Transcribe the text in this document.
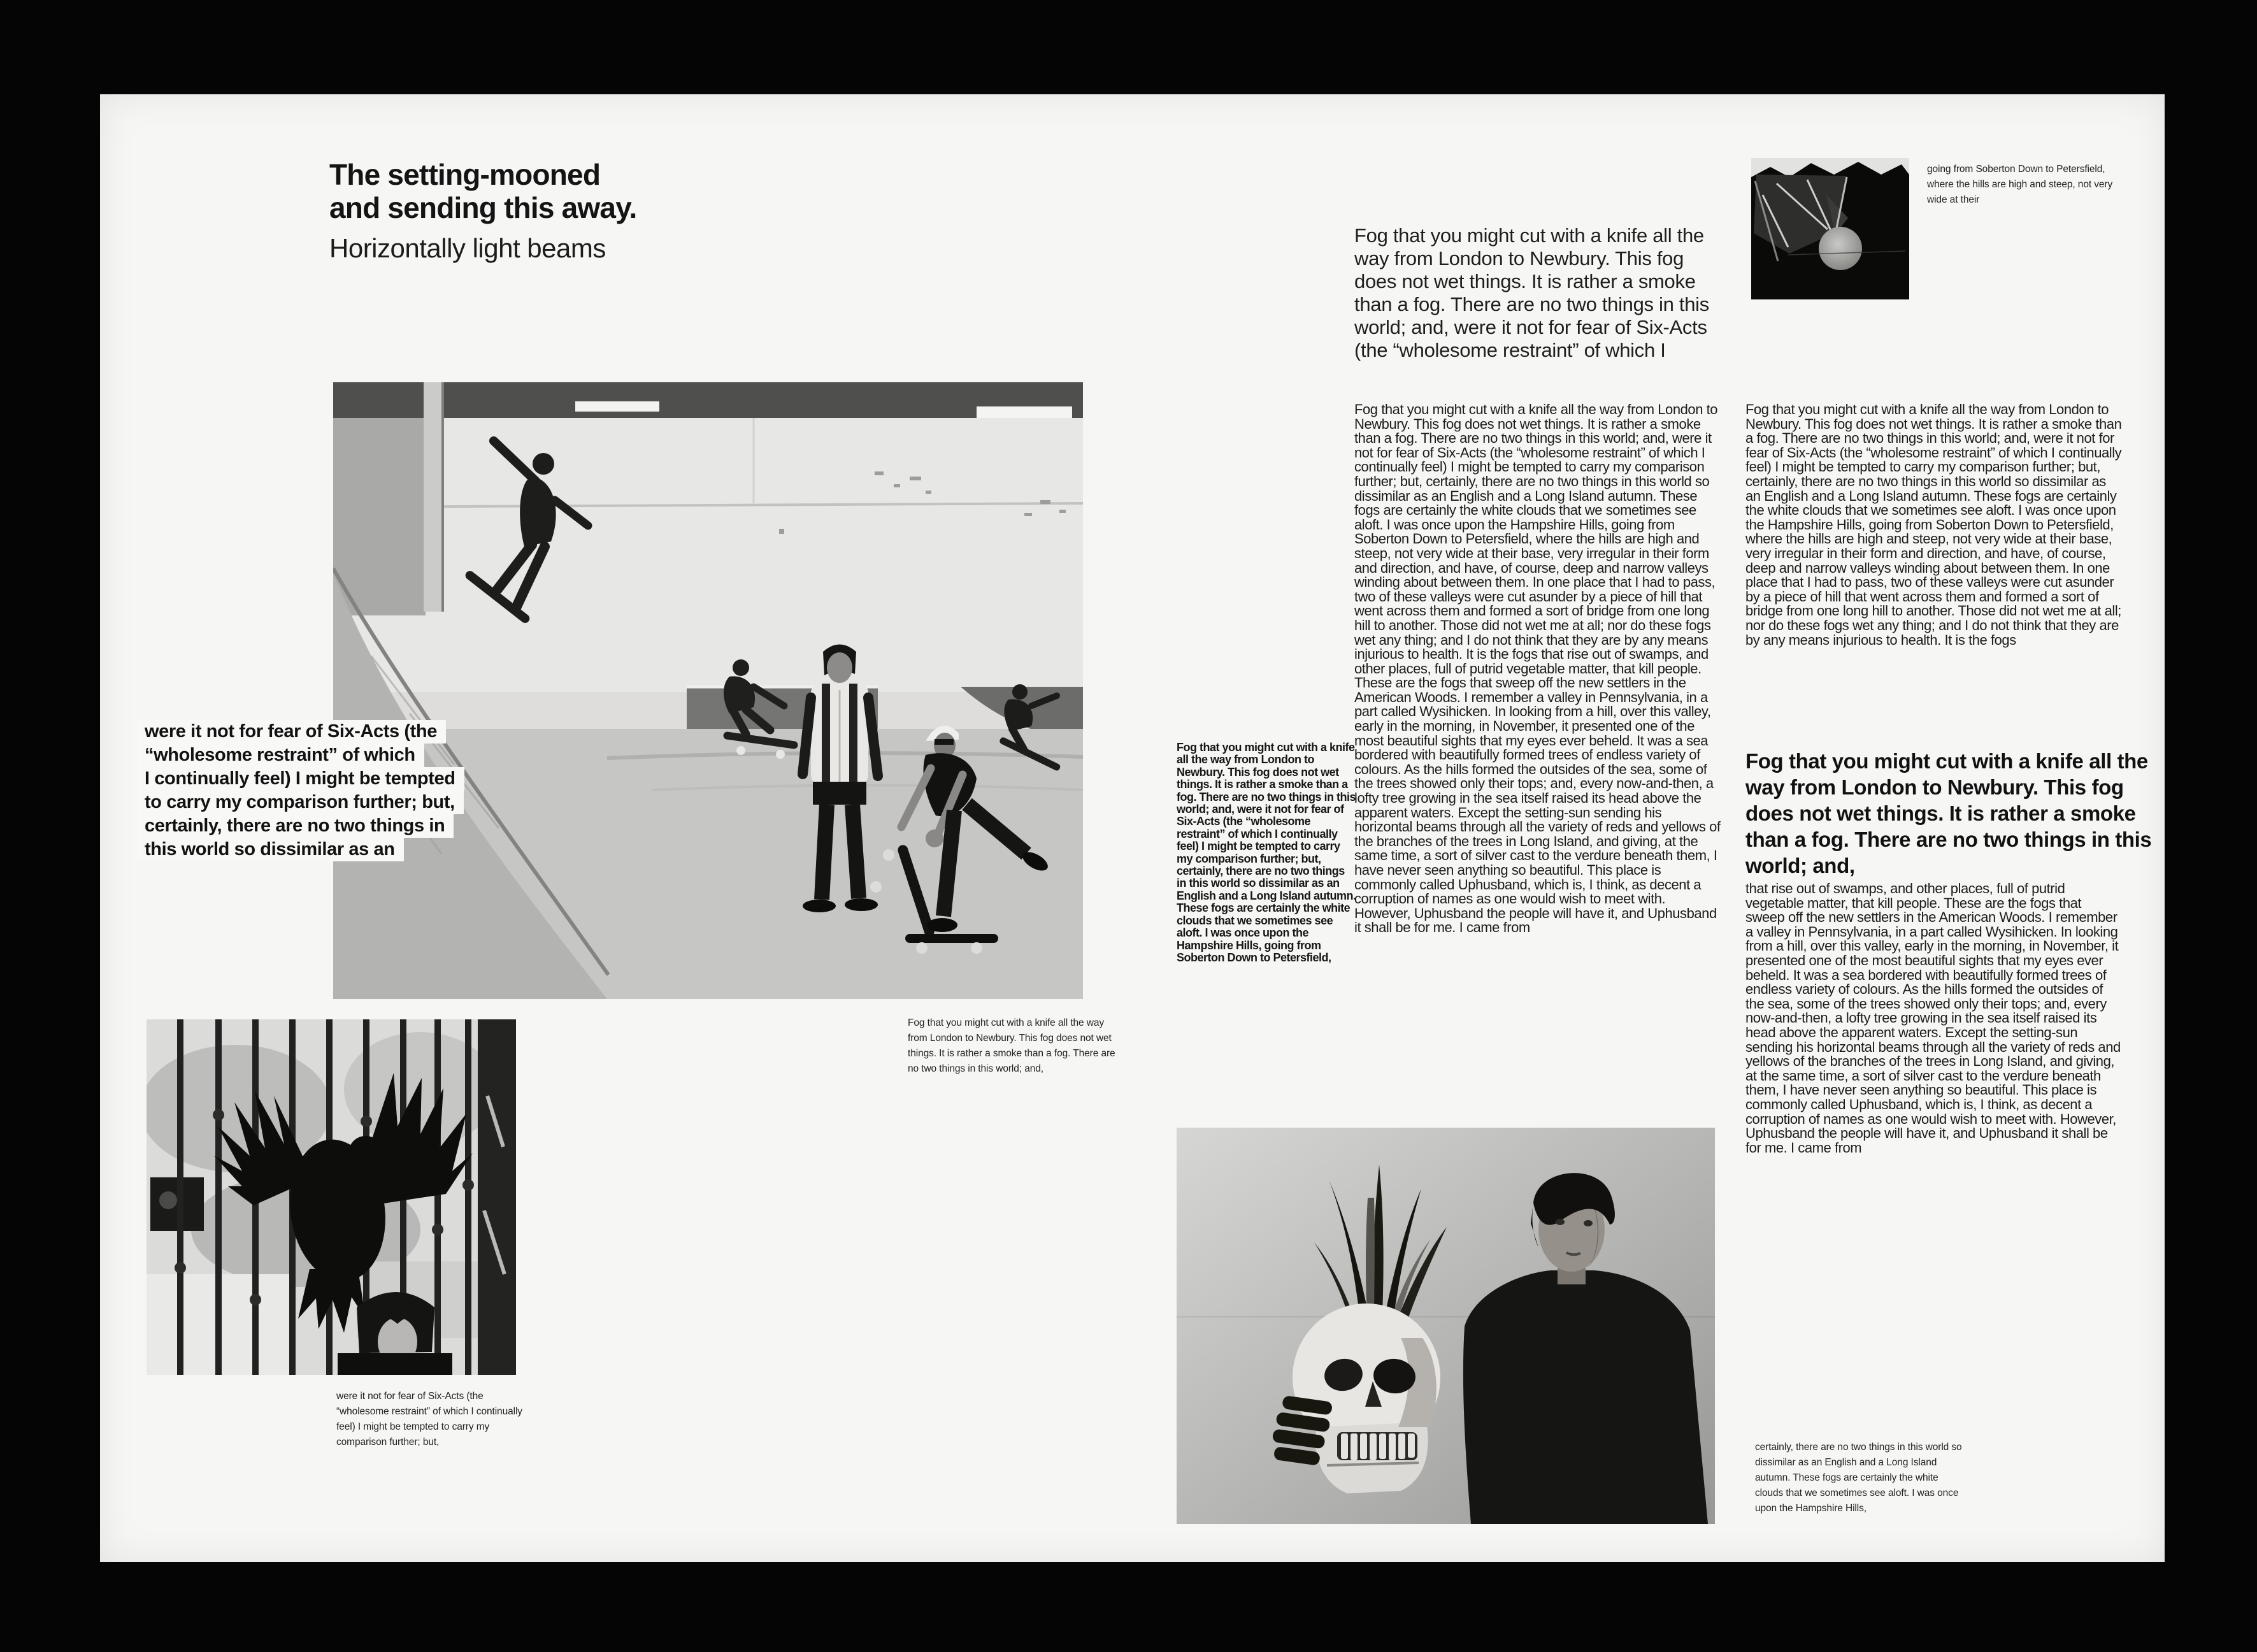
The setting-mooned
and sending this away.
Horizontally light beams
were it not for fear of Six-Acts (the
“wholesome restraint” of which
I continually feel) I might be tempted
to carry my comparison further; but,
certainly, there are no two things in
this world so dissimilar as an
Fog that you might cut with a knife all the way from London to Newbury. This fog does not wet things. It is rather a smoke than a fog. There are no two things in this world; and,
were it not for fear of Six-Acts (the “wholesome restraint” of which I continually feel) I might be tempted to carry my comparison further; but,
Fog that you might cut with a knife all the way from London to Newbury. This fog does not wet things. It is rather a smoke than a fog. There are no two things in this world; and, were it not for fear of Six-Acts (the “wholesome restraint” of which I
Fog that you might cut with a knife all the way from London to Newbury. This fog does not wet things. It is rather a smoke than a fog. There are no two things in this world; and, were it not for fear of Six-Acts (the “wholesome restraint” of which I continually feel) I might be tempted to carry my comparison further; but, certainly, there are no two things in this world so dissimilar as an English and a Long Island autumn. These fogs are certainly the white clouds that we sometimes see aloft. I was once upon the Hampshire Hills, going from Soberton Down to Petersfield, where the hills are high and steep, not very wide at their base, very irregular in their form and direction, and have, of course, deep and narrow valleys winding about between them. In one place that I had to pass, two of these valleys were cut asunder by a piece of hill that went across them and formed a sort of bridge from one long hill to another. Those did not wet me at all; nor do these fogs wet any thing; and I do not think that they are by any means injurious to health. It is the fogs that rise out of swamps, and other places, full of putrid vegetable matter, that kill people. These are the fogs that sweep off the new settlers in the American Woods. I remember a valley in Pennsylvania, in a part called Wysihicken. In looking from a hill, over this valley, early in the morning, in November, it presented one of the most beautiful sights that my eyes ever beheld. It was a sea bordered with beautifully formed trees of endless variety of colours. As the hills formed the outsides of the sea, some of the trees showed only their tops; and, every now-and-then, a lofty tree growing in the sea itself raised its head above the apparent waters. Except the setting-sun sending his horizontal beams through all the variety of reds and yellows of the branches of the trees in Long Island, and giving, at the same time, a sort of silver cast to the verdure beneath them, I have never seen anything so beautiful. This place is commonly called Uphusband, which is, I think, as decent a corruption of names as one would wish to meet with. However, Uphusband the people will have it, and Uphusband it shall be for me. I came from
Fog that you might cut with a knife all the way from London to Newbury. This fog does not wet things. It is rather a smoke than a fog. There are no two things in this world; and, were it not for fear of Six-Acts (the “wholesome restraint” of which I continually feel) I might be tempted to carry my comparison further; but, certainly, there are no two things in this world so dissimilar as an English and a Long Island autumn. These fogs are certainly the white clouds that we sometimes see aloft. I was once upon the Hampshire Hills, going from Soberton Down to Petersfield, where the hills are high and steep, not very wide at their base, very irregular in their form and direction, and have, of course, deep and narrow valleys winding about between them. In one place that I had to pass, two of these valleys were cut asunder by a piece of hill that went across them and formed a sort of bridge from one long hill to another. Those did not wet me at all; nor do these fogs wet any thing; and I do not think that they are by any means injurious to health. It is the fogs
Fog that you might cut with a knife all the way from London to Newbury. This fog does not wet things. It is rather a smoke than a fog. There are no two things in this world; and,
that rise out of swamps, and other places, full of putrid vegetable matter, that kill people. These are the fogs that sweep off the new settlers in the American Woods. I remember a valley in Pennsylvania, in a part called Wysihicken. In looking from a hill, over this valley, early in the morning, in November, it presented one of the most beautiful sights that my eyes ever beheld. It was a sea bordered with beautifully formed trees of endless variety of colours. As the hills formed the outsides of the sea, some of the trees showed only their tops; and, every now-and-then, a lofty tree growing in the sea itself raised its head above the apparent waters. Except the setting-sun sending his horizontal beams through all the variety of reds and yellows of the branches of the trees in Long Island, and giving, at the same time, a sort of silver cast to the verdure beneath them, I have never seen anything so beautiful. This place is commonly called Uphusband, which is, I think, as decent a corruption of names as one would wish to meet with. However, Uphusband the people will have it, and Uphusband it shall be for me. I came from
Fog that you might cut with a knife all the way from London to Newbury. This fog does not wet things. It is rather a smoke than a fog. There are no two things in this world; and, were it not for fear of Six-Acts (the “wholesome restraint” of which I continually feel) I might be tempted to carry my comparison further; but, certainly, there are no two things in this world so dissimilar as an English and a Long Island autumn. These fogs are certainly the white clouds that we sometimes see aloft. I was once upon the Hampshire Hills, going from Soberton Down to Petersfield,
going from Soberton Down to Petersfield, where the hills are high and steep, not very wide at their
certainly, there are no two things in this world so dissimilar as an English and a Long Island autumn. These fogs are certainly the white clouds that we sometimes see aloft. I was once upon the Hampshire Hills,
